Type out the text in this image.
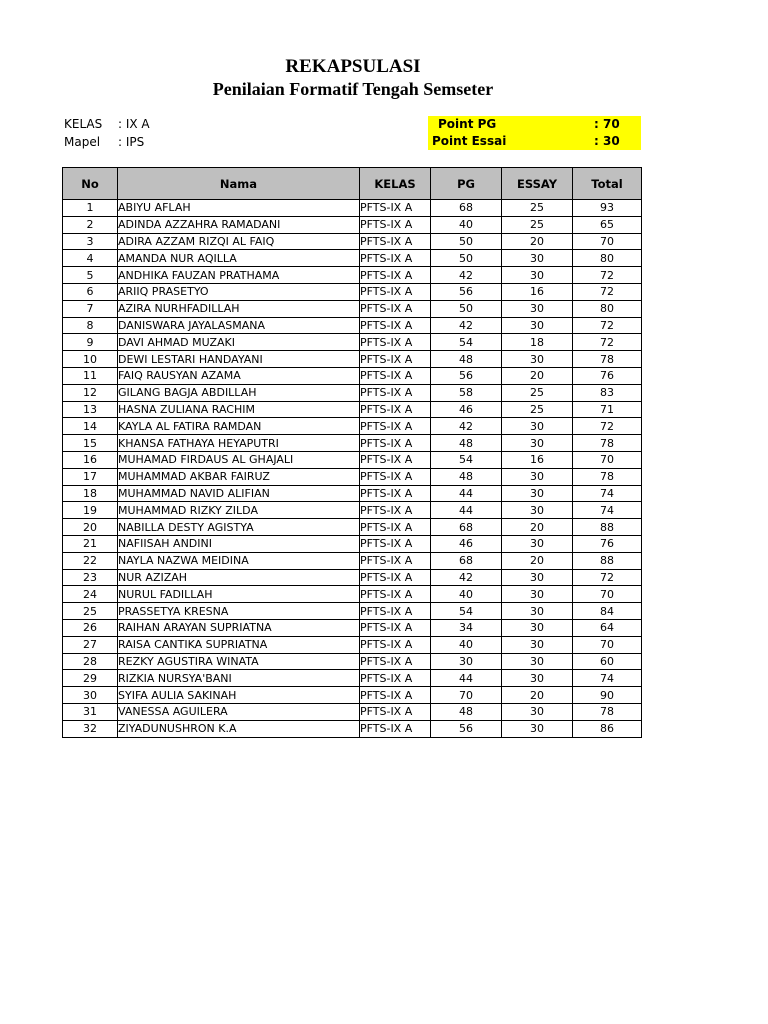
REKAPSULASI
Penilaian Formatif Tengah Semseter
KELAS : IX A
Mapel : IPS
Point PG	: 70
Point Essai	: 30
No	Nama	KELAS	PG	ESSAY	Total
1	ABIYU AFLAH	PFTS-IX A	68	25	93
2	ADINDA AZZAHRA RAMADANI	PFTS-IX A	40	25	65
3	ADIRA AZZAM RIZQI AL FAIQ	PFTS-IX A	50	20	70
4	AMANDA NUR AQILLA	PFTS-IX A	50	30	80
5	ANDHIKA FAUZAN PRATHAMA	PFTS-IX A	42	30	72
6	ARIIQ PRASETYO	PFTS-IX A	56	16	72
7	AZIRA NURHFADILLAH	PFTS-IX A	50	30	80
8	DANISWARA JAYALASMANA	PFTS-IX A	42	30	72
9	DAVI AHMAD MUZAKI	PFTS-IX A	54	18	72
10	DEWI LESTARI HANDAYANI	PFTS-IX A	48	30	78
11	FAIQ RAUSYAN AZAMA	PFTS-IX A	56	20	76
12	GILANG BAGJA ABDILLAH	PFTS-IX A	58	25	83
13	HASNA ZULIANA RACHIM	PFTS-IX A	46	25	71
14	KAYLA AL FATIRA RAMDAN	PFTS-IX A	42	30	72
15	KHANSA FATHAYA HEYAPUTRI	PFTS-IX A	48	30	78
16	MUHAMAD FIRDAUS AL GHAJALI	PFTS-IX A	54	16	70
17	MUHAMMAD AKBAR FAIRUZ	PFTS-IX A	48	30	78
18	MUHAMMAD NAVID ALIFIAN	PFTS-IX A	44	30	74
19	MUHAMMAD RIZKY ZILDA	PFTS-IX A	44	30	74
20	NABILLA DESTY AGISTYA	PFTS-IX A	68	20	88
21	NAFIISAH ANDINI	PFTS-IX A	46	30	76
22	NAYLA NAZWA MEIDINA	PFTS-IX A	68	20	88
23	NUR AZIZAH	PFTS-IX A	42	30	72
24	NURUL FADILLAH	PFTS-IX A	40	30	70
25	PRASSETYA KRESNA	PFTS-IX A	54	30	84
26	RAIHAN ARAYAN SUPRIATNA	PFTS-IX A	34	30	64
27	RAISA CANTIKA SUPRIATNA	PFTS-IX A	40	30	70
28	REZKY AGUSTIRA WINATA	PFTS-IX A	30	30	60
29	RIZKIA NURSYA'BANI	PFTS-IX A	44	30	74
30	SYIFA AULIA SAKINAH	PFTS-IX A	70	20	90
31	VANESSA AGUILERA	PFTS-IX A	48	30	78
32	ZIYADUNUSHRON K.A	PFTS-IX A	56	30	86
